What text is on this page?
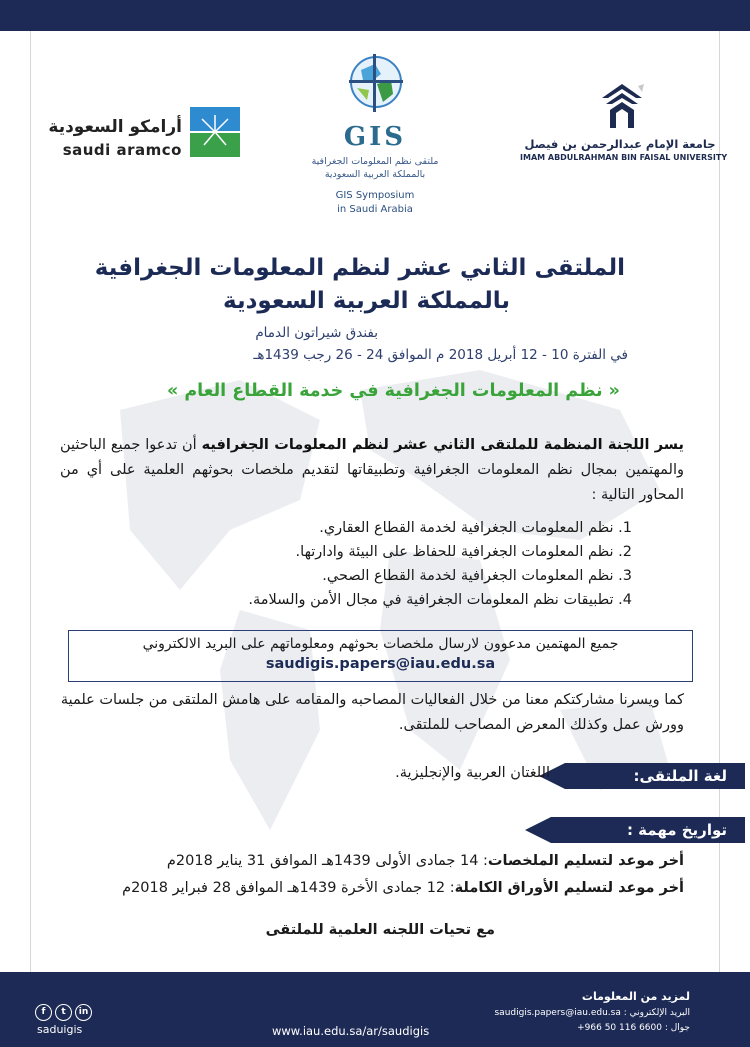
جامعة الإمام عبدالرحمن بن فيصل
IMAM ABDULRAHMAN BIN FAISAL UNIVERSITY
GIS
ملتقى نظم المعلومات الجغرافية
بالمملكة العربية السعودية
GIS Symposium
in Saudi Arabia
أرامكو السعودية
saudi aramco
الملتقى الثاني عشر لنظم المعلومات الجغرافية
بالمملكة العربية السعودية
بفندق شيراتون الدمام
في الفترة 10 - 12 أبريل 2018 م الموافق 24 - 26 رجب 1439هـ
« نظم المعلومات الجغرافية في خدمة القطاع العام »
يسر اللجنة المنظمة للملتقى الثاني عشر لنظم المعلومات الجغرافيه أن تدعوا جميع الباحثين والمهتمين بمجال نظم المعلومات الجغرافية وتطبيقاتها لتقديم ملخصات بحوثهم العلمية على أي من المحاور التالية :
1. نظم المعلومات الجغرافية لخدمة القطاع العقاري.
2. نظم المعلومات الجغرافية للحفاظ على البيئة وادارتها.
3. نظم المعلومات الجغرافية لخدمة القطاع الصحي.
4. تطبيقات نظم المعلومات الجغرافية في مجال الأمن والسلامة.
جميع المهتمين مدعوون لارسال ملخصات بحوثهم ومعلوماتهم على البريد الالكتروني
saudigis.papers@iau.edu.sa
كما ويسرنا مشاركتكم معنا من خلال الفعاليات المصاحبه والمقامه على هامش الملتقى من جلسات علمية وورش عمل وكذلك المعرض المصاحب للملتقى.
لغة الملتقى:
اللغتان العربية والإنجليزية.
تواريخ مهمة :
أخر موعد لتسليم الملخصات: 14 جمادى الأولى 1439هـ الموافق 31 يناير 2018م
أخر موعد لتسليم الأوراق الكاملة: 12 جمادى الأخرة 1439هـ الموافق 28 فبراير 2018م
مع تحيات اللجنه العلمية للملتقى
لمزيد من المعلومات
البريد الإلكتروني : saudigis.papers@iau.edu.sa
جوال : 6600 116 50 966+
www.iau.edu.sa/ar/saudigis
f t in
saduigis
